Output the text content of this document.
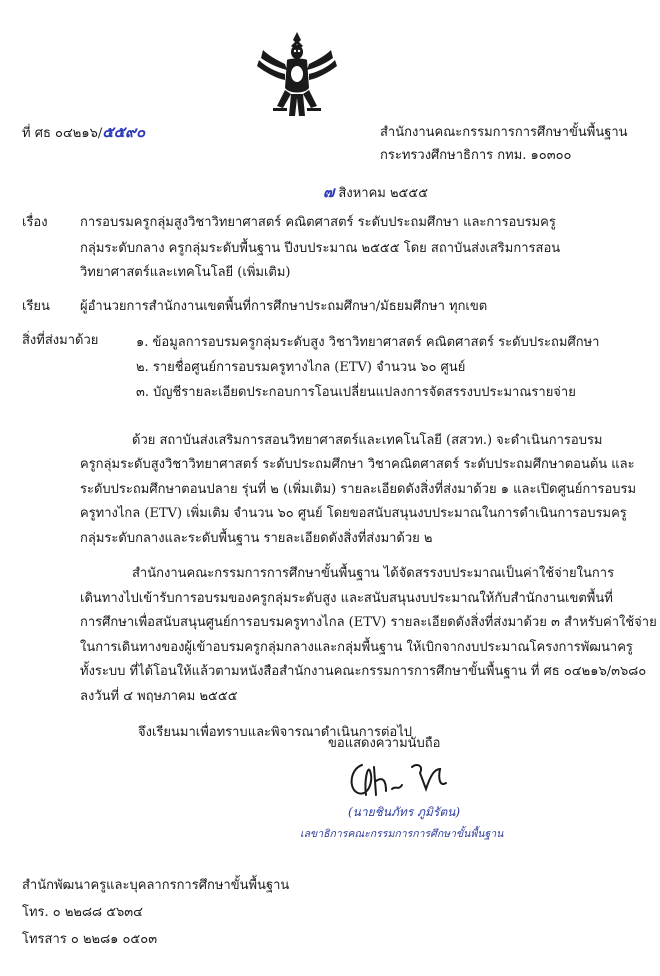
ที่ ศธ ๐๔๒๑๖/๕๕๙๐	สำนักงานคณะกรรมการการศึกษาขั้นพื้นฐาน
กระทรวงศึกษาธิการ กทม. ๑๐๓๐๐
๗ สิงหาคม ๒๕๕๕
เรื่อง การอบรมครูกลุ่มสูงวิชาวิทยาศาสตร์ คณิตศาสตร์ ระดับประถมศึกษา และการอบรมครู
กลุ่มระดับกลาง ครูกลุ่มระดับพื้นฐาน ปีงบประมาณ ๒๕๕๕ โดย สถาบันส่งเสริมการสอน
วิทยาศาสตร์และเทคโนโลยี (เพิ่มเติม)
เรียน ผู้อำนวยการสำนักงานเขตพื้นที่การศึกษาประถมศึกษา/มัธยมศึกษา ทุกเขต
สิ่งที่ส่งมาด้วย	๑. ข้อมูลการอบรมครูกลุ่มระดับสูง วิชาวิทยาศาสตร์ คณิตศาสตร์ ระดับประถมศึกษา
๒. รายชื่อศูนย์การอบรมครูทางไกล (ETV) จำนวน ๖๐ ศูนย์
๓. บัญชีรายละเอียดประกอบการโอนเปลี่ยนแปลงการจัดสรรงบประมาณรายจ่าย
ด้วย สถาบันส่งเสริมการสอนวิทยาศาสตร์และเทคโนโลยี (สสวท.) จะดำเนินการอบรม
ครูกลุ่มระดับสูงวิชาวิทยาศาสตร์ ระดับประถมศึกษา วิชาคณิตศาสตร์ ระดับประถมศึกษาตอนต้น และ
ระดับประถมศึกษาตอนปลาย รุ่นที่ ๒ (เพิ่มเติม) รายละเอียดดังสิ่งที่ส่งมาด้วย ๑ และเปิดศูนย์การอบรม
ครูทางไกล (ETV) เพิ่มเติม จำนวน ๖๐ ศูนย์ โดยขอสนับสนุนงบประมาณในการดำเนินการอบรมครู
กลุ่มระดับกลางและระดับพื้นฐาน รายละเอียดดังสิ่งที่ส่งมาด้วย ๒
สำนักงานคณะกรรมการการศึกษาขั้นพื้นฐาน ได้จัดสรรงบประมาณเป็นค่าใช้จ่ายในการ
เดินทางไปเข้ารับการอบรมของครูกลุ่มระดับสูง และสนับสนุนงบประมาณให้กับสำนักงานเขตพื้นที่
การศึกษาเพื่อสนับสนุนศูนย์การอบรมครูทางไกล (ETV) รายละเอียดดังสิ่งที่ส่งมาด้วย ๓ สำหรับค่าใช้จ่าย
ในการเดินทางของผู้เข้าอบรมครูกลุ่มกลางและกลุ่มพื้นฐาน ให้เบิกจากงบประมาณโครงการพัฒนาครู
ทั้งระบบ ที่ได้โอนให้แล้วตามหนังสือสำนักงานคณะกรรมการการศึกษาขั้นพื้นฐาน ที่ ศธ ๐๔๒๑๖/๓๖๘๐
ลงวันที่ ๔ พฤษภาคม ๒๕๕๕
จึงเรียนมาเพื่อทราบและพิจารณาดำเนินการต่อไป
ขอแสดงความนับถือ
(นายชินภัทร ภูมิรัตน)
เลขาธิการคณะกรรมการการศึกษาขั้นพื้นฐาน
สำนักพัฒนาครูและบุคลากรการศึกษาขั้นพื้นฐาน
โทร. ๐ ๒๒๘๘ ๕๖๓๔
โทรสาร ๐ ๒๒๘๑ ๐๕๐๓
